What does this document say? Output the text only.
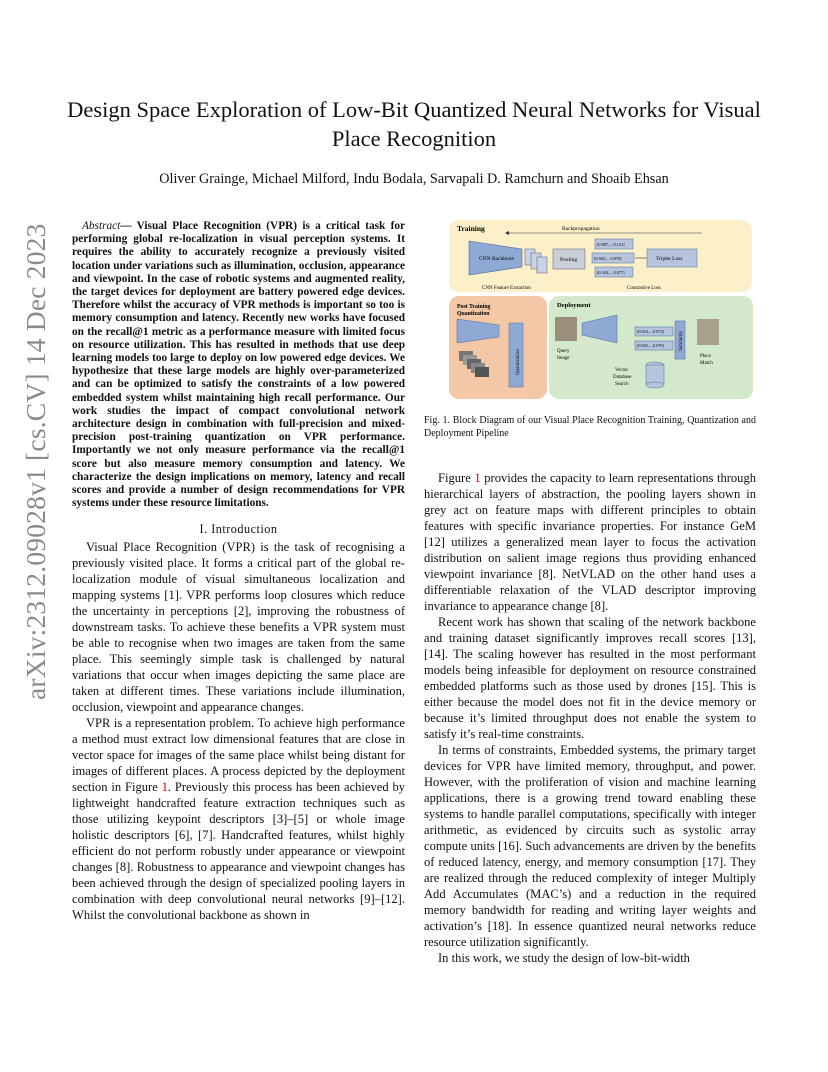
arXiv:2312.09028v1 [cs.CV] 14 Dec 2023
Design Space Exploration of Low-Bit Quantized Neural Networks for Visual Place Recognition
Oliver Grainge, Michael Milford, Indu Bodala, Sarvapali D. Ramchurn and Shoaib Ehsan
Abstract— Visual Place Recognition (VPR) is a critical task for performing global re-localization in visual perception systems. It requires the ability to accurately recognize a previously visited location under variations such as illumination, occlusion, appearance and viewpoint. In the case of robotic systems and augmented reality, the target devices for deployment are battery powered edge devices. Therefore whilst the accuracy of VPR methods is important so too is memory consumption and latency. Recently new works have focused on the recall@1 metric as a performance measure with limited focus on resource utilization. This has resulted in methods that use deep learning models too large to deploy on low powered edge devices. We hypothesize that these large models are highly over-parameterized and can be optimized to satisfy the constraints of a low powered embedded system whilst maintaining high recall performance. Our work studies the impact of compact convolutional network architecture design in combination with full-precision and mixed-precision post-training quantization on VPR performance. Importantly we not only measure performance via the recall@1 score but also measure memory consumption and latency. We characterize the design implications on memory, latency and recall scores and provide a number of design recommendations for VPR systems under these resource limitations.
I. Introduction

Visual Place Recognition (VPR) is the task of recognising a previously visited place. It forms a critical part of the global re-localization module of visual simultaneous localization and mapping systems [1]. VPR performs loop closures which reduce the uncertainty in perceptions [2], improving the robustness of downstream tasks. To achieve these benefits a VPR system must be able to recognise when two images are taken from the same place. This seemingly simple task is challenged by natural variations that occur when images depicting the same place are taken at different times. These variations include illumination, occlusion, viewpoint and appearance changes.

VPR is a representation problem. To achieve high performance a method must extract low dimensional features that are close in vector space for images of the same place whilst being distant for images of different places. A process depicted by the deployment section in Figure 1. Previously this process has been achieved by lightweight handcrafted feature extraction techniques such as those utilizing keypoint descriptors [3]–[5] or whole image holistic descriptors [6], [7]. Handcrafted features, whilst highly efficient do not perform robustly under appearance or viewpoint changes [8]. Robustness to appearance and viewpoint changes has been achieved through the design of specialized pooling layers in combination with deep convolutional neural networks [9]–[12]. Whilst the convolutional backbone as shown in

Training	Backpropagation
CNN Backbone	Pooling
[0.987,....0.121]
[0.945,....0.078]
[0.324,....0.677]
Triplet Loss
CNN Feature Extraction	Contrastive Loss
Post Training
Quantization
Quantization
Deployment
Query
Image
[0.924,....0.073]
[0.845,....0.078]	Similarity
Place
Match
Vector
Database
Search
Fig. 1. Block Diagram of our Visual Place Recognition Training, Quantization and Deployment Pipeline

Figure 1 provides the capacity to learn representations through hierarchical layers of abstraction, the pooling layers shown in grey act on feature maps with different principles to obtain features with specific invariance properties. For instance GeM [12] utilizes a generalized mean layer to focus the activation distribution on salient image regions thus providing enhanced viewpoint invariance [8]. NetVLAD on the other hand uses a differentiable relaxation of the VLAD descriptor improving invariance to appearance change [8].

Recent work has shown that scaling of the network backbone and training dataset significantly improves recall scores [13], [14]. The scaling however has resulted in the most performant models being infeasible for deployment on resource constrained embedded platforms such as those used by drones [15]. This is either because the model does not fit in the device memory or because it’s limited throughput does not enable the system to satisfy it’s real-time constraints.

In terms of constraints, Embedded systems, the primary target devices for VPR have limited memory, throughput, and power. However, with the proliferation of vision and machine learning applications, there is a growing trend toward enabling these systems to handle parallel computations, specifically with integer arithmetic, as evidenced by circuits such as systolic array compute units [16]. Such advancements are driven by the benefits of reduced latency, energy, and memory consumption [17]. They are realized through the reduced complexity of integer Multiply Add Accumulates (MAC’s) and a reduction in the required memory bandwidth for reading and writing layer weights and activation’s [18]. In essence quantized neural networks reduce resource utilization significantly.

In this work, we study the design of low-bit-width
